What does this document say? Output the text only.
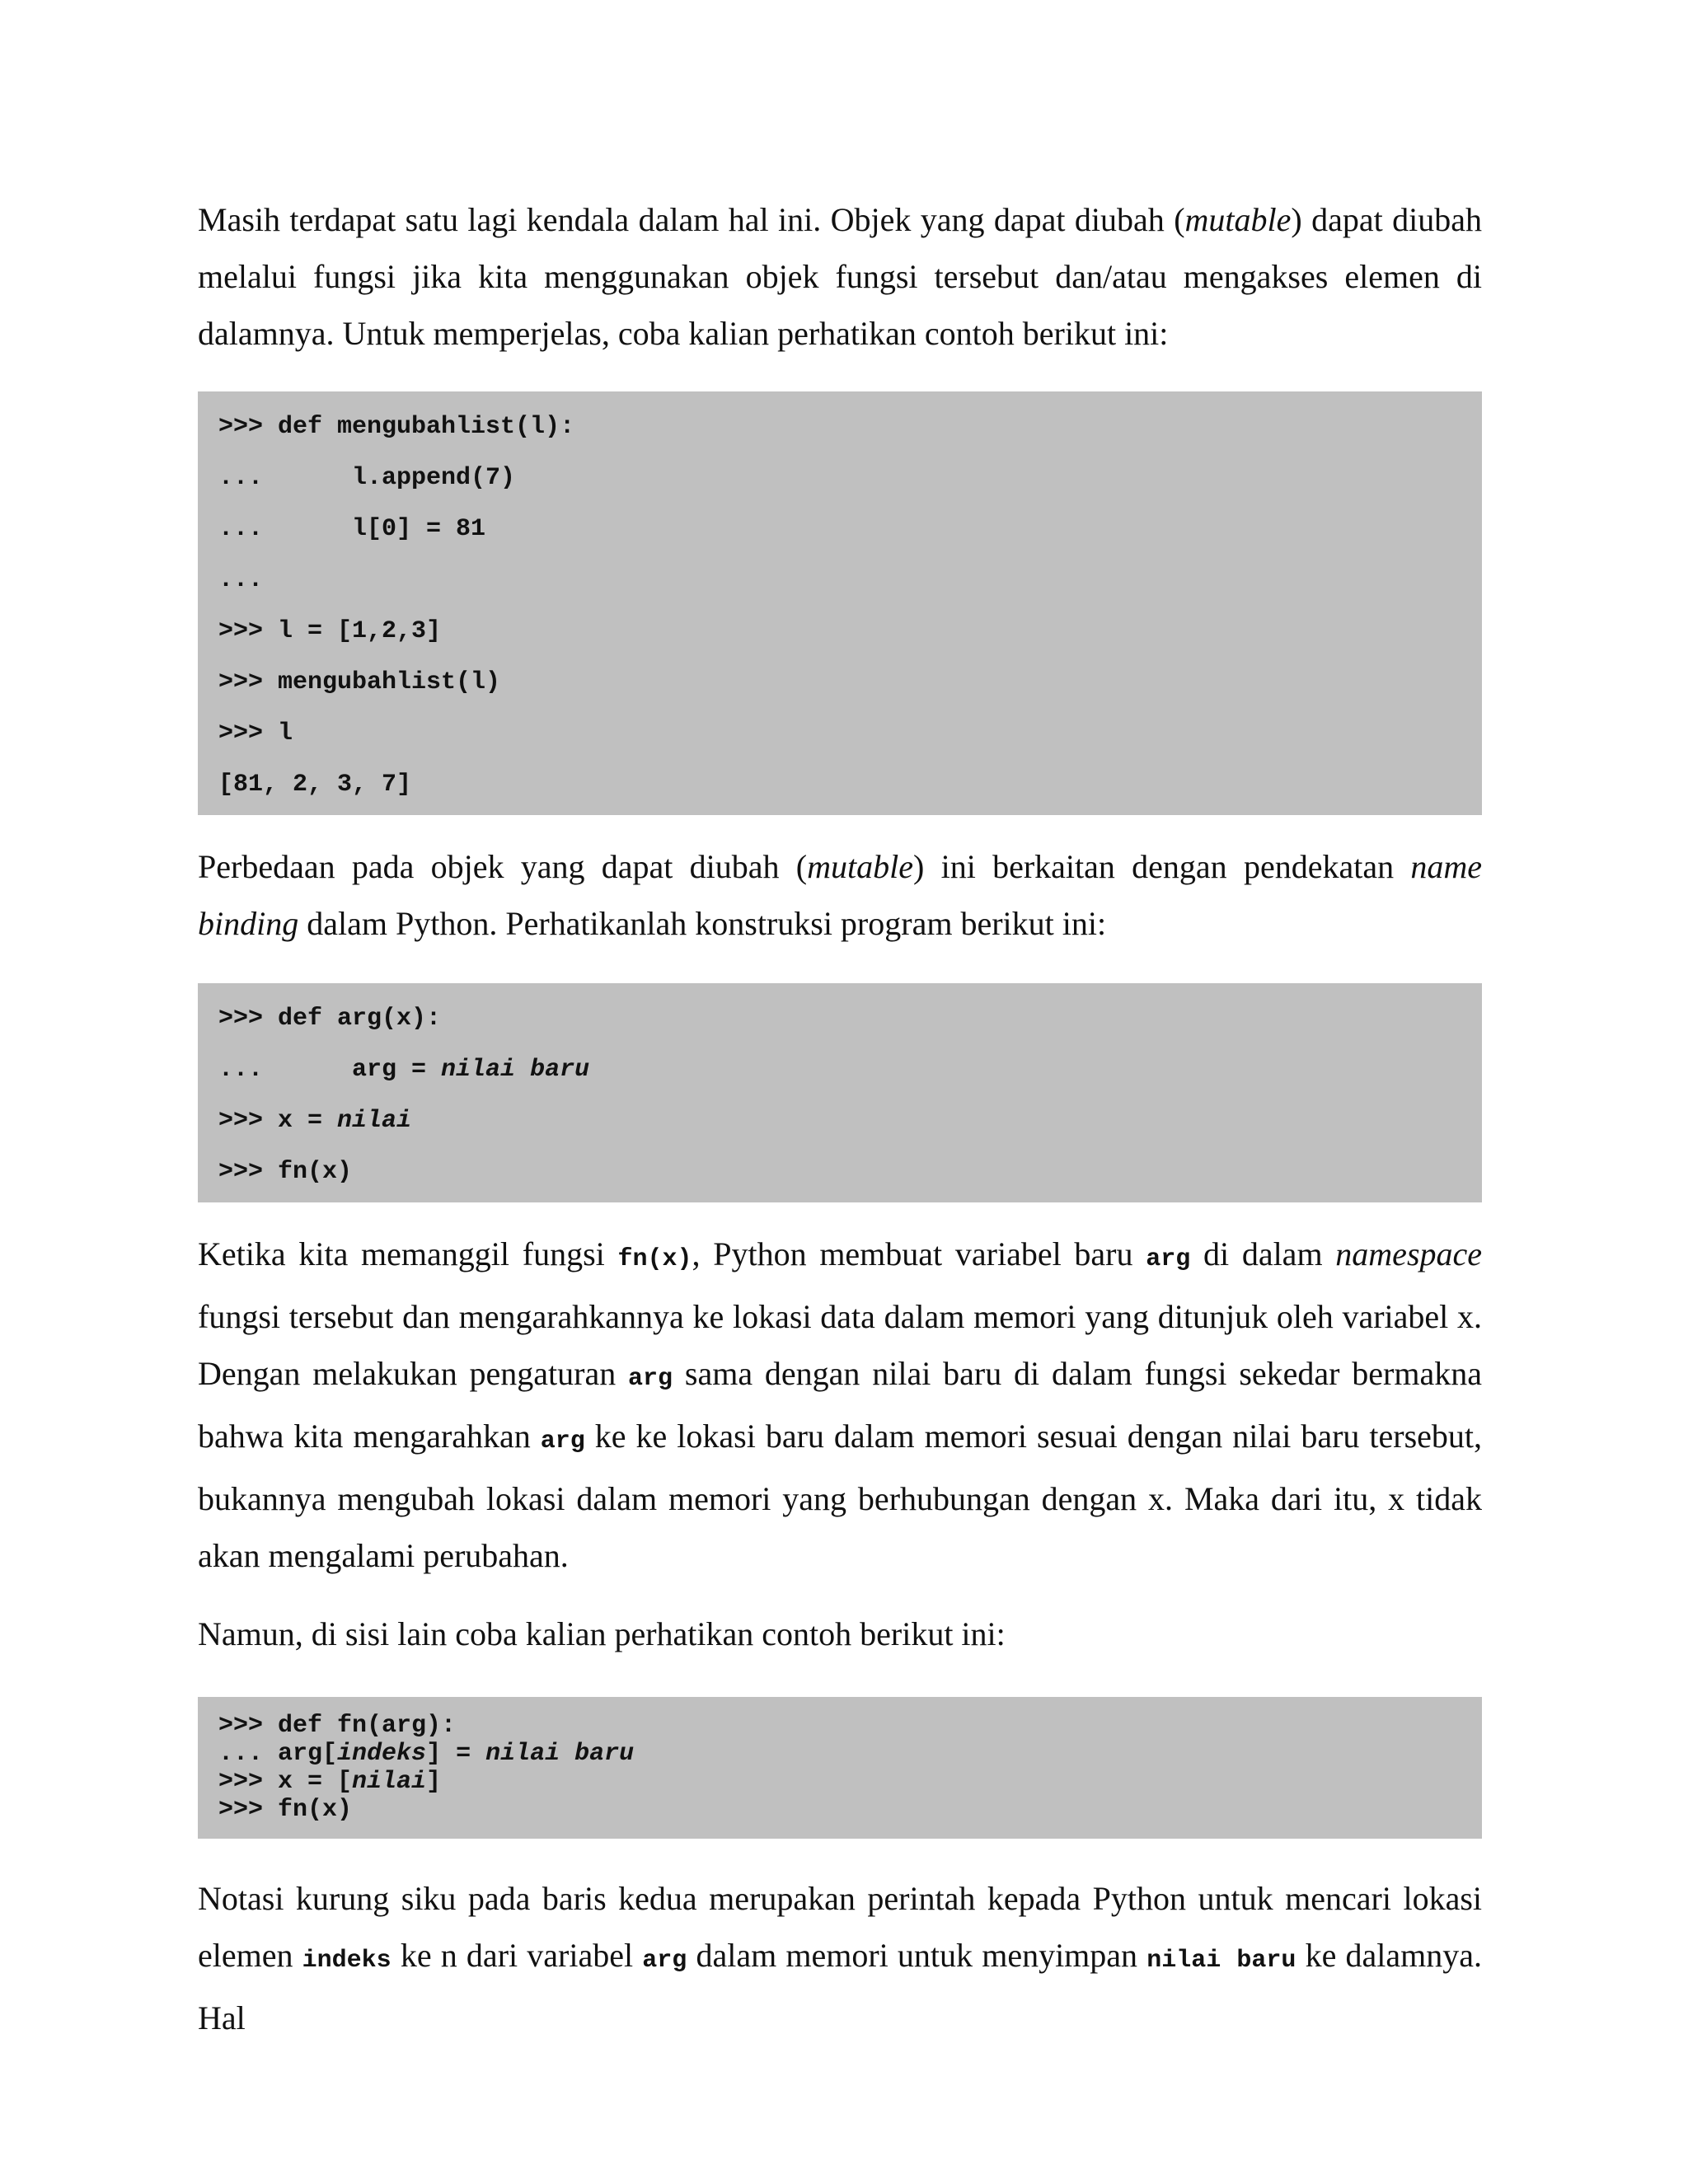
Masih terdapat satu lagi kendala dalam hal ini. Objek yang dapat diubah (mutable) dapat diubah melalui fungsi jika kita menggunakan objek fungsi tersebut dan/atau mengakses elemen di dalamnya. Untuk memperjelas, coba kalian perhatikan contoh berikut ini:

>>> def mengubahlist(l):
...      l.append(7)
...      l[0] = 81
...
>>> l = [1,2,3]
>>> mengubahlist(l)
>>> l
[81, 2, 3, 7]

Perbedaan pada objek yang dapat diubah (mutable) ini berkaitan dengan pendekatan name binding dalam Python. Perhatikanlah konstruksi program berikut ini:

>>> def arg(x):
...      arg = nilai baru
>>> x = nilai
>>> fn(x)

Ketika kita memanggil fungsi fn(x), Python membuat variabel baru arg di dalam namespace fungsi tersebut dan mengarahkannya ke lokasi data dalam memori yang ditunjuk oleh variabel x. Dengan melakukan pengaturan arg sama dengan nilai baru di dalam fungsi sekedar bermakna bahwa kita mengarahkan arg ke ke lokasi baru dalam memori sesuai dengan nilai baru tersebut, bukannya mengubah lokasi dalam memori yang berhubungan dengan x. Maka dari itu, x tidak akan mengalami perubahan.

Namun, di sisi lain coba kalian perhatikan contoh berikut ini:

>>> def fn(arg):
... arg[indeks] = nilai baru
>>> x = [nilai]
>>> fn(x)

Notasi kurung siku pada baris kedua merupakan perintah kepada Python untuk mencari lokasi elemen indeks ke n dari variabel arg dalam memori untuk menyimpan nilai baru ke dalamnya. Hal
